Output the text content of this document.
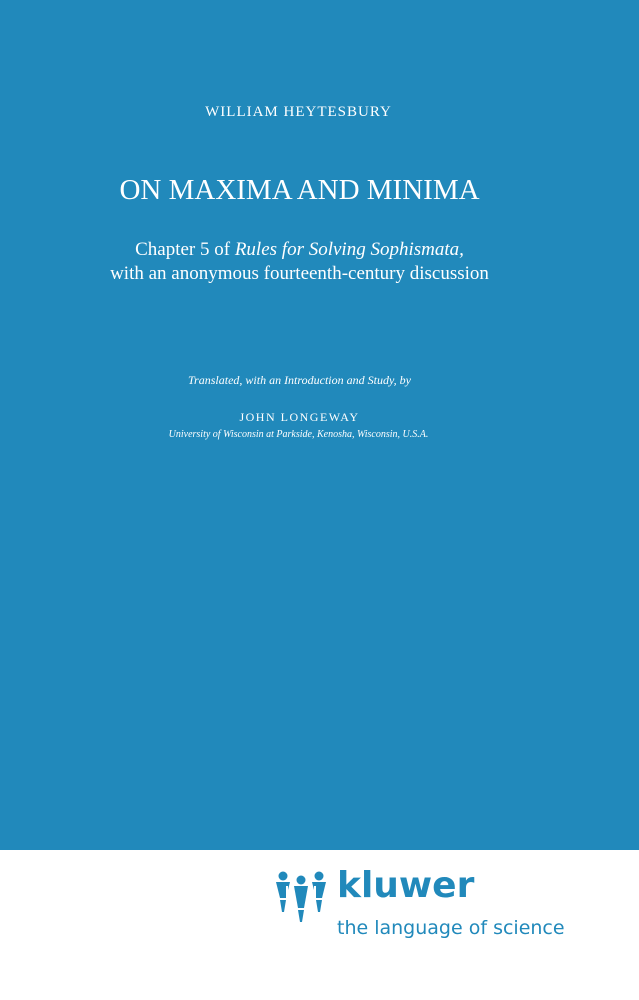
WILLIAM HEYTESBURY
ON MAXIMA AND MINIMA
Chapter 5 of Rules for Solving Sophismata,
with an anonymous fourteenth-century discussion
Translated, with an Introduction and Study, by
JOHN LONGEWAY
University of Wisconsin at Parkside, Kenosha, Wisconsin, U.S.A.
kluwer
the language of science
